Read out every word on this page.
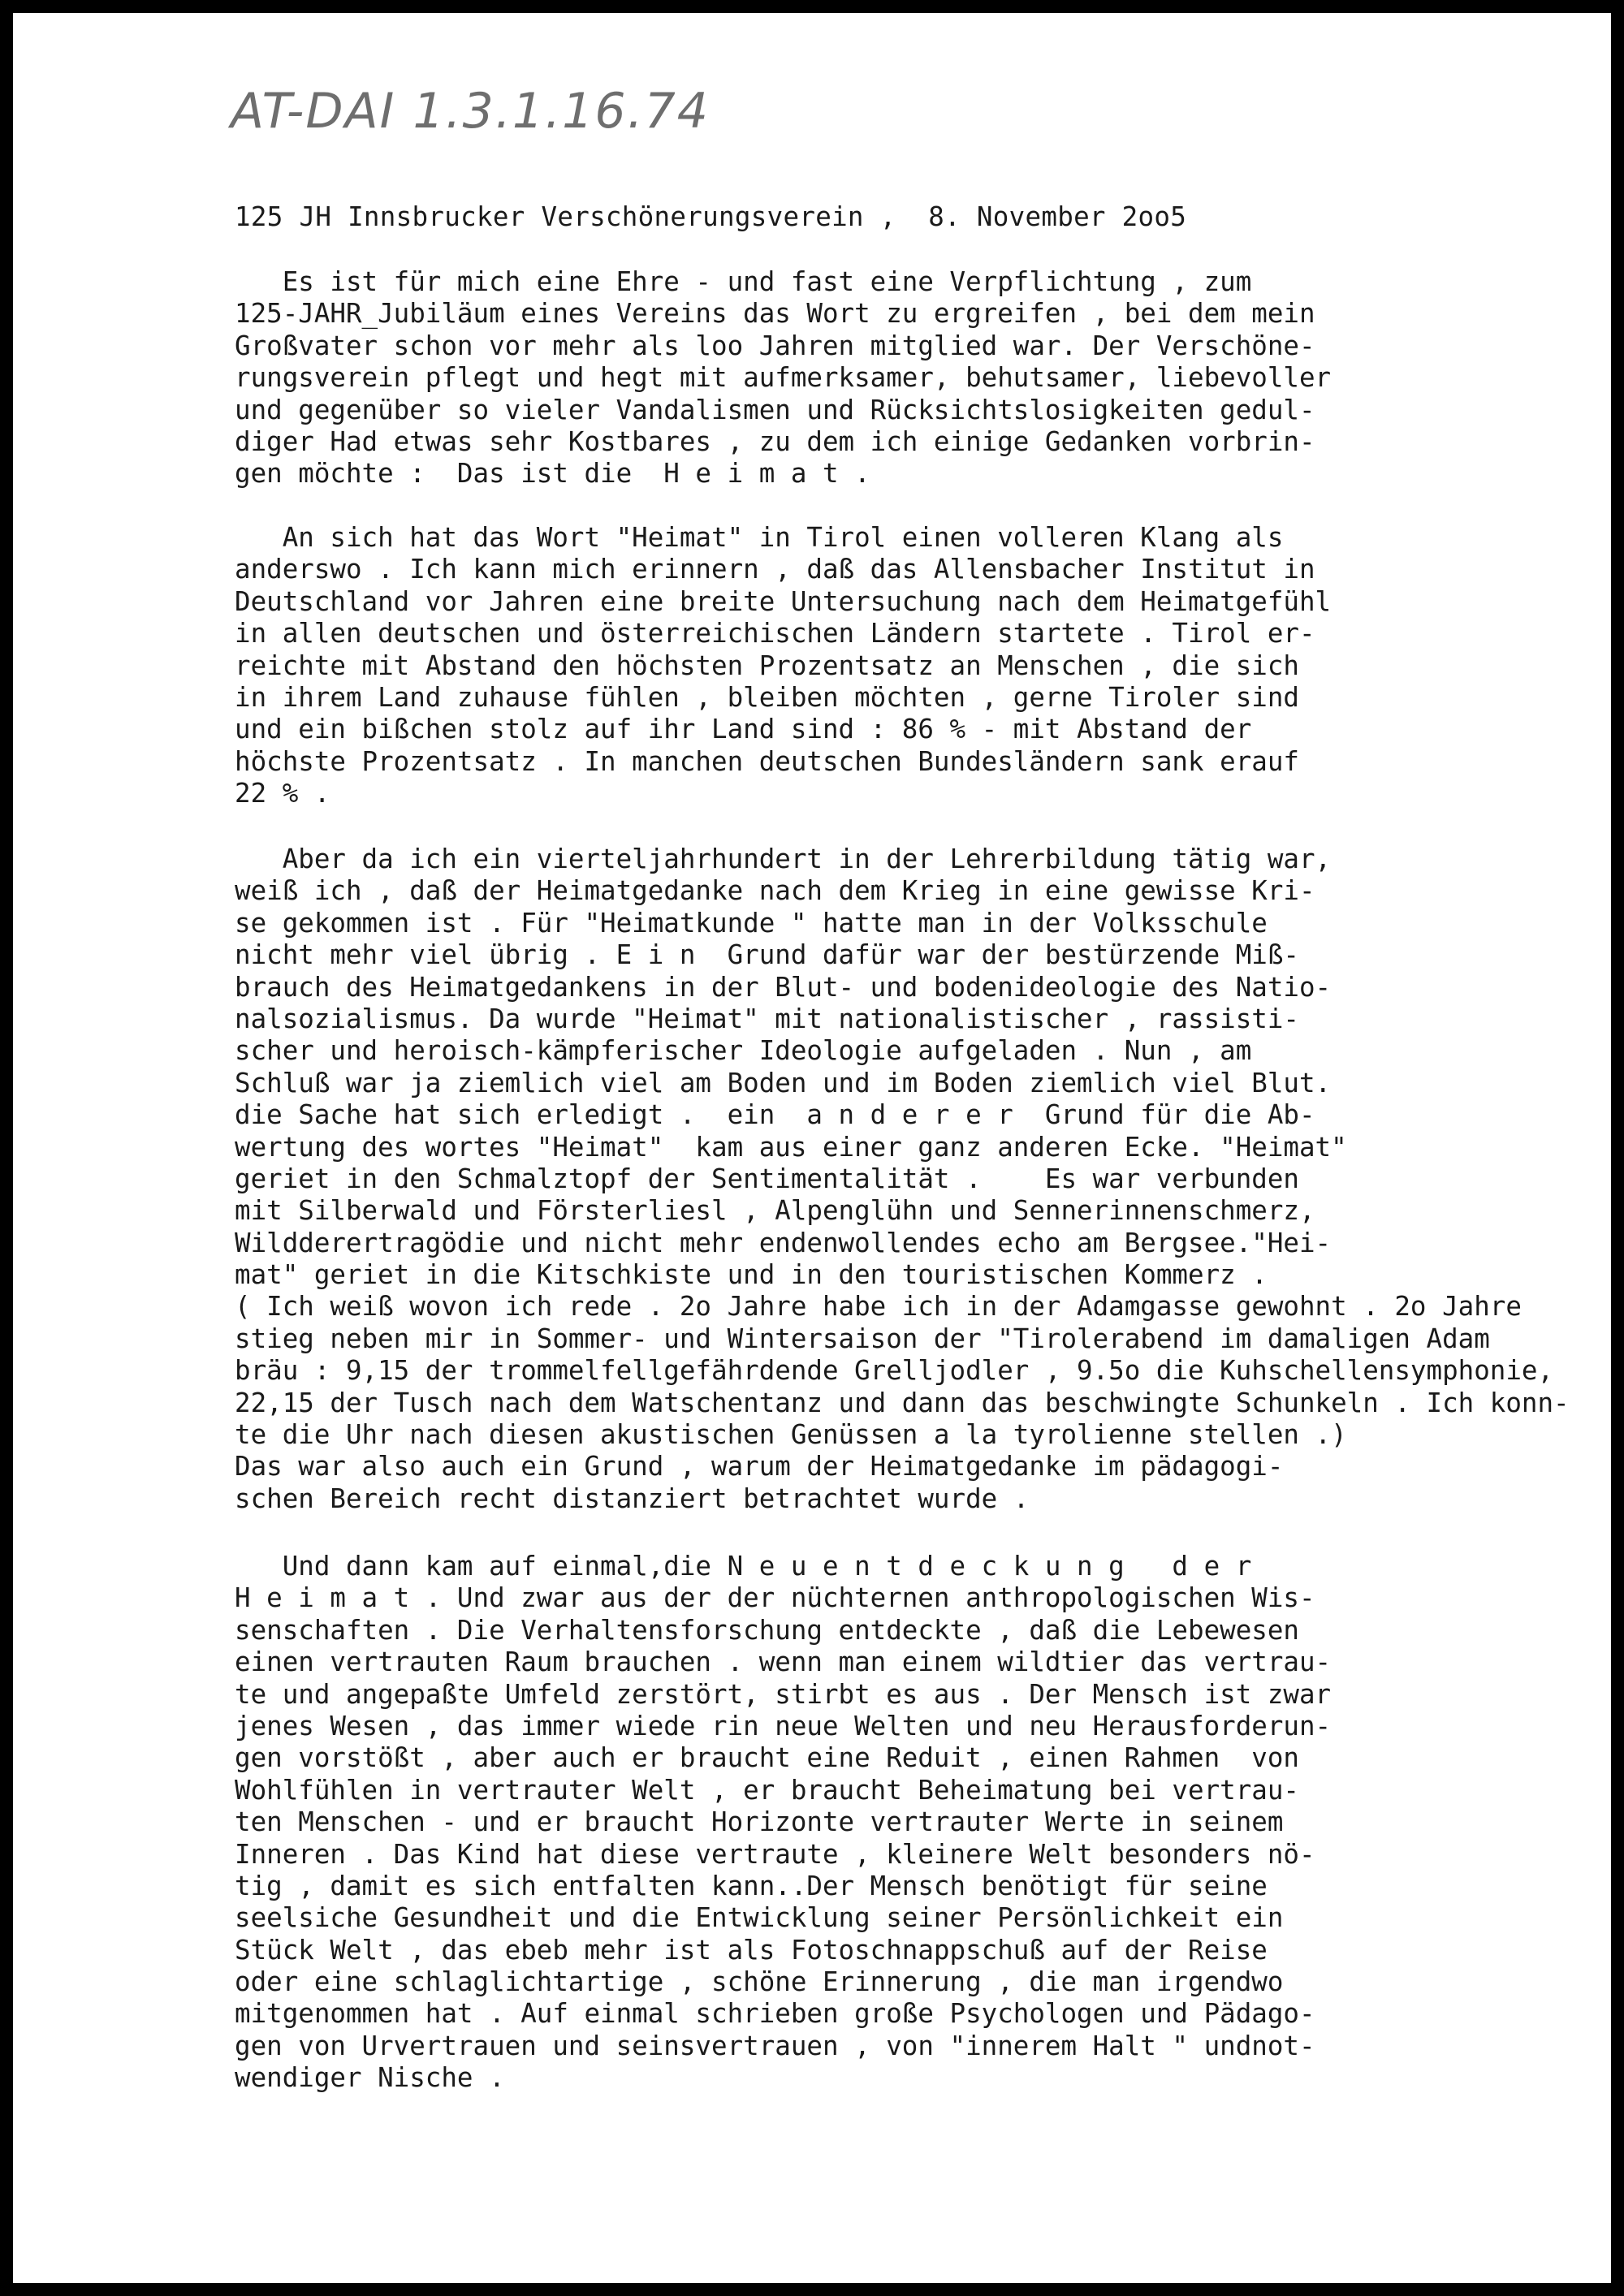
AT-DAI 1.3.1.16.74
125 JH Innsbrucker Verschönerungsverein ,  8. November 2oo5
Es ist für mich eine Ehre - und fast eine Verpflichtung , zum
125-JAHR_Jubiläum eines Vereins das Wort zu ergreifen , bei dem mein
Großvater schon vor mehr als loo Jahren mitglied war. Der Verschöne-
rungsverein pflegt und hegt mit aufmerksamer, behutsamer, liebevoller
und gegenüber so vieler Vandalismen und Rücksichtslosigkeiten gedul-
diger Had etwas sehr Kostbares , zu dem ich einige Gedanken vorbrin-
gen möchte :  Das ist die  H e i m a t .
An sich hat das Wort "Heimat" in Tirol einen volleren Klang als
anderswo . Ich kann mich erinnern , daß das Allensbacher Institut in
Deutschland vor Jahren eine breite Untersuchung nach dem Heimatgefühl
in allen deutschen und österreichischen Ländern startete . Tirol er-
reichte mit Abstand den höchsten Prozentsatz an Menschen , die sich
in ihrem Land zuhause fühlen , bleiben möchten , gerne Tiroler sind
und ein bißchen stolz auf ihr Land sind : 86 % - mit Abstand der
höchste Prozentsatz . In manchen deutschen Bundesländern sank erauf
22 % .
Aber da ich ein vierteljahrhundert in der Lehrerbildung tätig war,
weiß ich , daß der Heimatgedanke nach dem Krieg in eine gewisse Kri-
se gekommen ist . Für "Heimatkunde " hatte man in der Volksschule
nicht mehr viel übrig . E i n  Grund dafür war der bestürzende Miß-
brauch des Heimatgedankens in der Blut- und bodenideologie des Natio-
nalsozialismus. Da wurde "Heimat" mit nationalistischer , rassisti-
scher und heroisch-kämpferischer Ideologie aufgeladen . Nun , am
Schluß war ja ziemlich viel am Boden und im Boden ziemlich viel Blut.
die Sache hat sich erledigt .  ein  a n d e r e r  Grund für die Ab-
wertung des wortes "Heimat"  kam aus einer ganz anderen Ecke. "Heimat"
geriet in den Schmalztopf der Sentimentalität .    Es war verbunden
mit Silberwald und Försterliesl , Alpenglühn und Sennerinnenschmerz,
Wildderertragödie und nicht mehr endenwollendes echo am Bergsee."Hei-
mat" geriet in die Kitschkiste und in den touristischen Kommerz .
( Ich weiß wovon ich rede . 2o Jahre habe ich in der Adamgasse gewohnt . 2o Jahre
stieg neben mir in Sommer- und Wintersaison der "Tirolerabend im damaligen Adam
bräu : 9,15 der trommelfellgefährdende Grelljodler , 9.5o die Kuhschellensymphonie,
22,15 der Tusch nach dem Watschentanz und dann das beschwingte Schunkeln . Ich konn-
te die Uhr nach diesen akustischen Genüssen a la tyrolienne stellen .)
Das war also auch ein Grund , warum der Heimatgedanke im pädagogi-
schen Bereich recht distanziert betrachtet wurde .
Und dann kam auf einmal,die N e u e n t d e c k u n g   d e r
H e i m a t . Und zwar aus der der nüchternen anthropologischen Wis-
senschaften . Die Verhaltensforschung entdeckte , daß die Lebewesen
einen vertrauten Raum brauchen . wenn man einem wildtier das vertrau-
te und angepaßte Umfeld zerstört, stirbt es aus . Der Mensch ist zwar
jenes Wesen , das immer wiede rin neue Welten und neu Herausforderun-
gen vorstößt , aber auch er braucht eine Reduit , einen Rahmen  von
Wohlfühlen in vertrauter Welt , er braucht Beheimatung bei vertrau-
ten Menschen - und er braucht Horizonte vertrauter Werte in seinem
Inneren . Das Kind hat diese vertraute , kleinere Welt besonders nö-
tig , damit es sich entfalten kann..Der Mensch benötigt für seine
seelsiche Gesundheit und die Entwicklung seiner Persönlichkeit ein
Stück Welt , das ebeb mehr ist als Fotoschnappschuß auf der Reise
oder eine schlaglichtartige , schöne Erinnerung , die man irgendwo
mitgenommen hat . Auf einmal schrieben große Psychologen und Pädago-
gen von Urvertrauen und seinsvertrauen , von "innerem Halt " undnot-
wendiger Nische .
